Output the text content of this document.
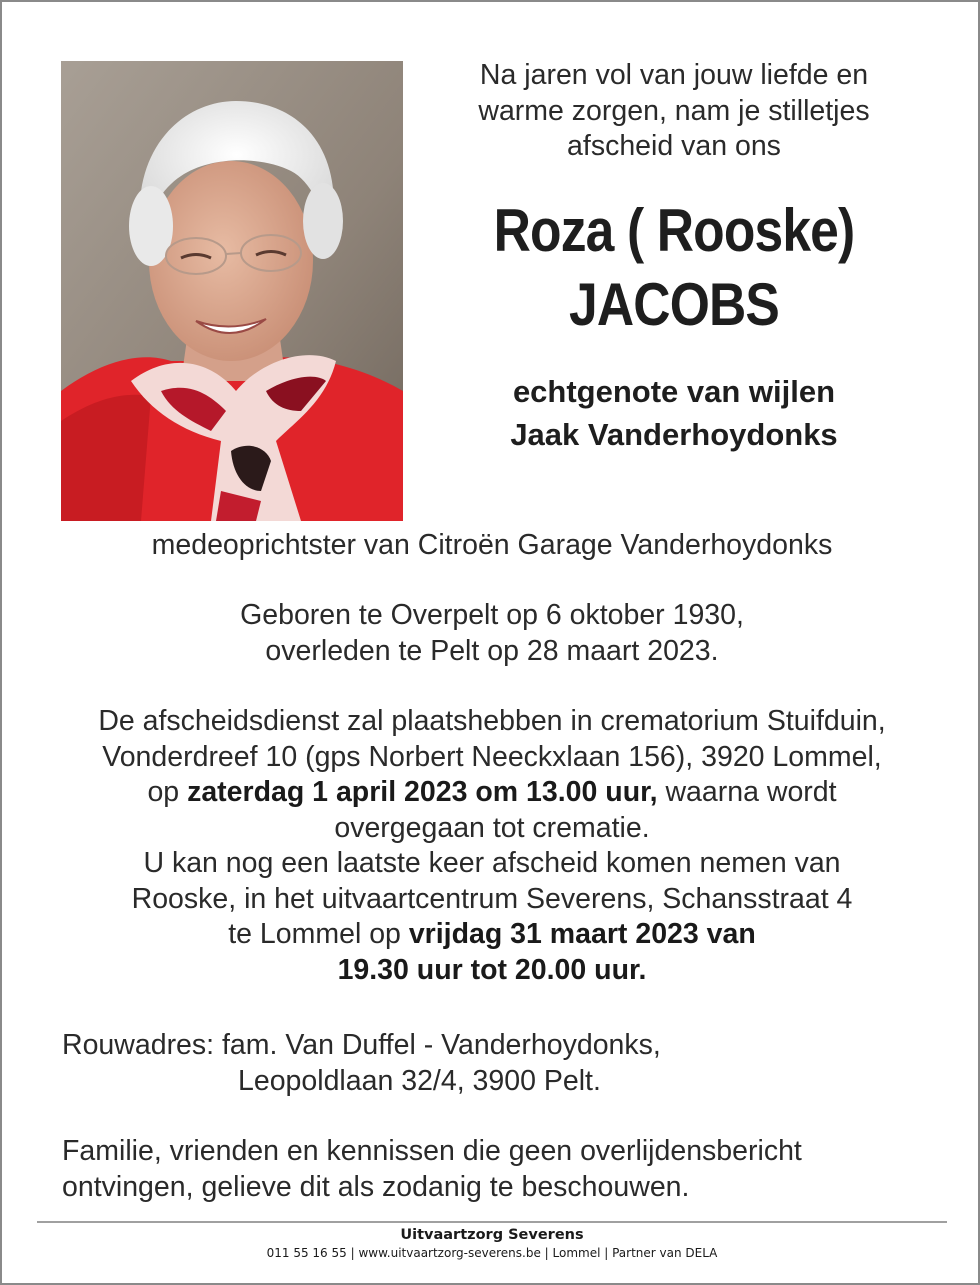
Na jaren vol van jouw liefde en
warme zorgen, nam je stilletjes
afscheid van ons
Roza ( Rooske)
JACOBS
echtgenote van wijlen
Jaak Vanderhoydonks
medeoprichtster van Citroën Garage Vanderhoydonks
Geboren te Overpelt op 6 oktober 1930,
overleden te Pelt op 28 maart 2023.
De afscheidsdienst zal plaatshebben in crematorium Stuifduin,
Vonderdreef 10 (gps Norbert Neeckxlaan 156), 3920 Lommel,
op zaterdag 1 april 2023 om 13.00 uur, waarna wordt
overgegaan tot crematie.
U kan nog een laatste keer afscheid komen nemen van
Rooske, in het uitvaartcentrum Severens, Schansstraat 4
te Lommel op vrijdag 31 maart 2023 van
19.30 uur tot 20.00 uur.
Rouwadres: fam. Van Duffel - Vanderhoydonks,
Leopoldlaan 32/4, 3900 Pelt.
Familie, vrienden en kennissen die geen overlijdensbericht
ontvingen, gelieve dit als zodanig te beschouwen.
Uitvaartzorg Severens
011 55 16 55 | www.uitvaartzorg-severens.be | Lommel | Partner van DELA
